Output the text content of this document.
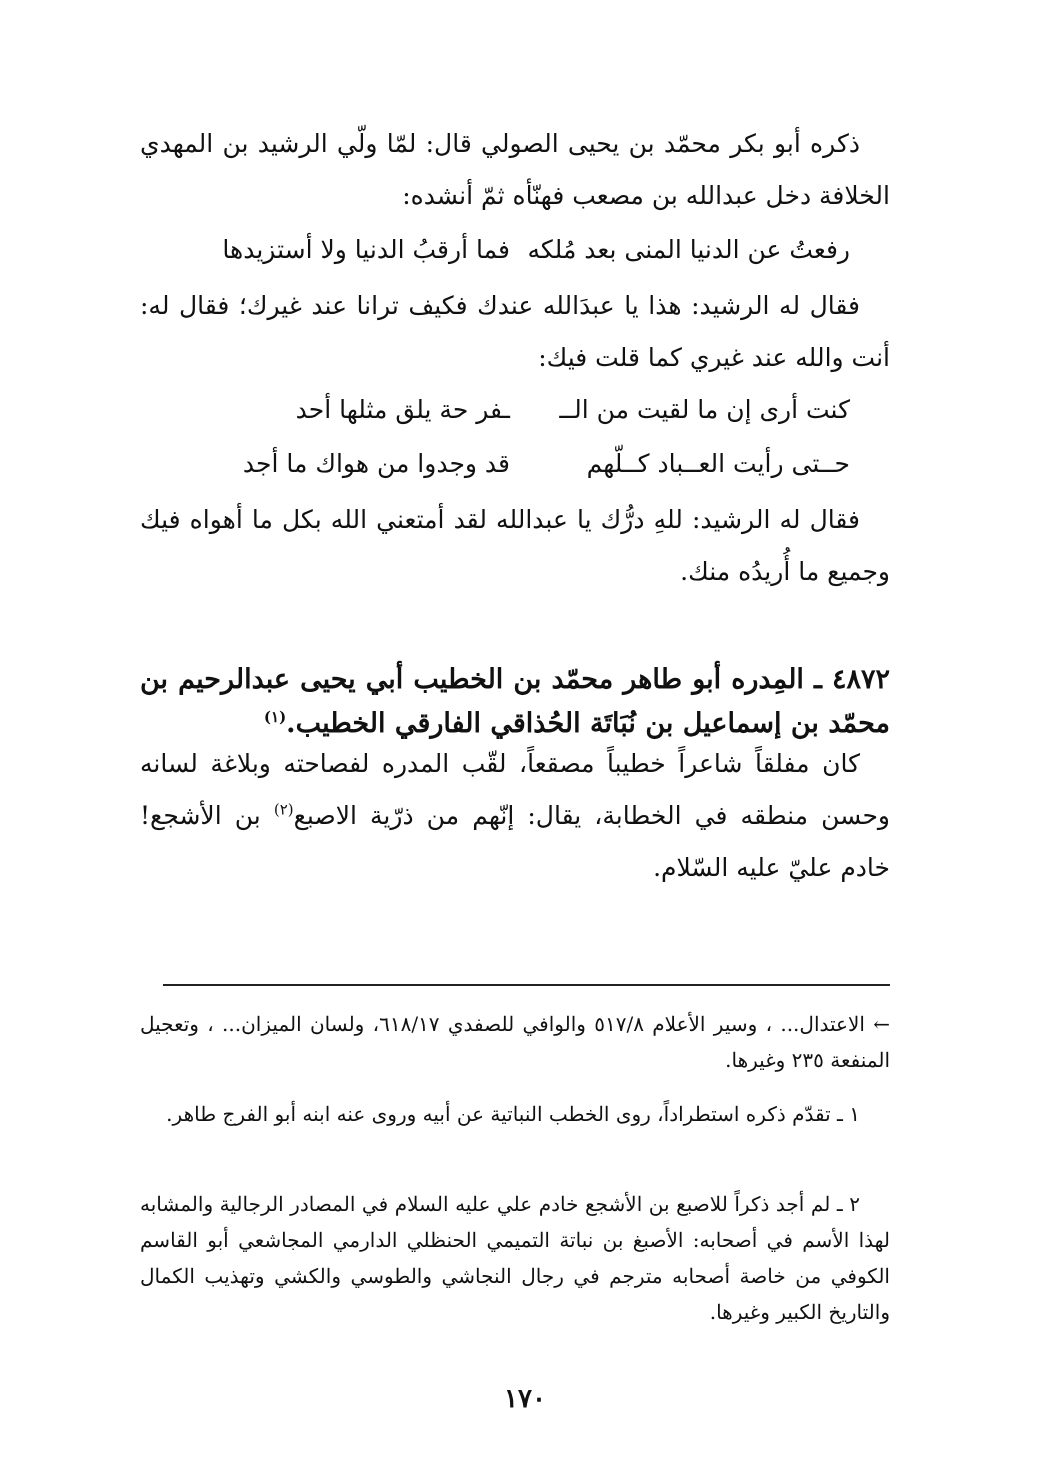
ذكره أبو بكر محمّد بن يحيى الصولي قال: لمّا ولّي الرشيد بن المهدي الخلافة دخل عبدالله بن مصعب فهنّأه ثمّ أنشده:

رفعتُ عن الدنيا المنى بعد مُلكه
فما أرقبُ الدنيا ولا أستزيدها

فقال له الرشيد: هذا يا عبدَالله عندك فكيف ترانا عند غيرك؛ فقال له: أنت والله عند غيري كما قلت فيك:

كنت أرى إن ما لقيت من الــ
ـفر حة يلق مثلها أحد
حــتى رأيت العــباد كــلّهم
قد وجدوا من هواك ما أجد

فقال له الرشيد: للهِ درُّك يا عبدالله لقد أمتعني الله بكل ما أهواه فيك وجميع ما أُريدُه منك.

٤٨٧٢ ـ المِدره أبو طاهر محمّد بن الخطيب أبي يحيى عبدالرحيم بن محمّد بن إسماعيل بن نُبَاتَة الحُذاقي الفارقي الخطيب.$^{(١)}$

كان مفلقاً شاعراً خطيباً مصقعاً، لقّب المدره لفصاحته وبلاغة لسانه وحسن منطقه في الخطابة، يقال: إنّهم من ذرّية الاصبع$^{(٢)}$ بن الأشجع! خادم عليّ عليه السّلام.

← الاعتدال... ، وسير الأعلام ٥١٧/٨ والوافي للصفدي ٦١٨/١٧، ولسان الميزان... ، وتعجيل المنفعة ٢٣٥ وغيرها.

١ ـ تقدّم ذكره استطراداً، روى الخطب النباتية عن أبيه وروى عنه ابنه أبو الفرج طاهر.

٢ ـ لم أجد ذكراً للاصبع بن الأشجع خادم علي عليه السلام في المصادر الرجالية والمشابه لهذا الأسم في أصحابه: الأصبغ بن نباتة التميمي الحنظلي الدارمي المجاشعي أبو القاسم الكوفي من خاصة أصحابه مترجم في رجال النجاشي والطوسي والكشي وتهذيب الكمال والتاريخ الكبير وغيرها.

١٧٠
